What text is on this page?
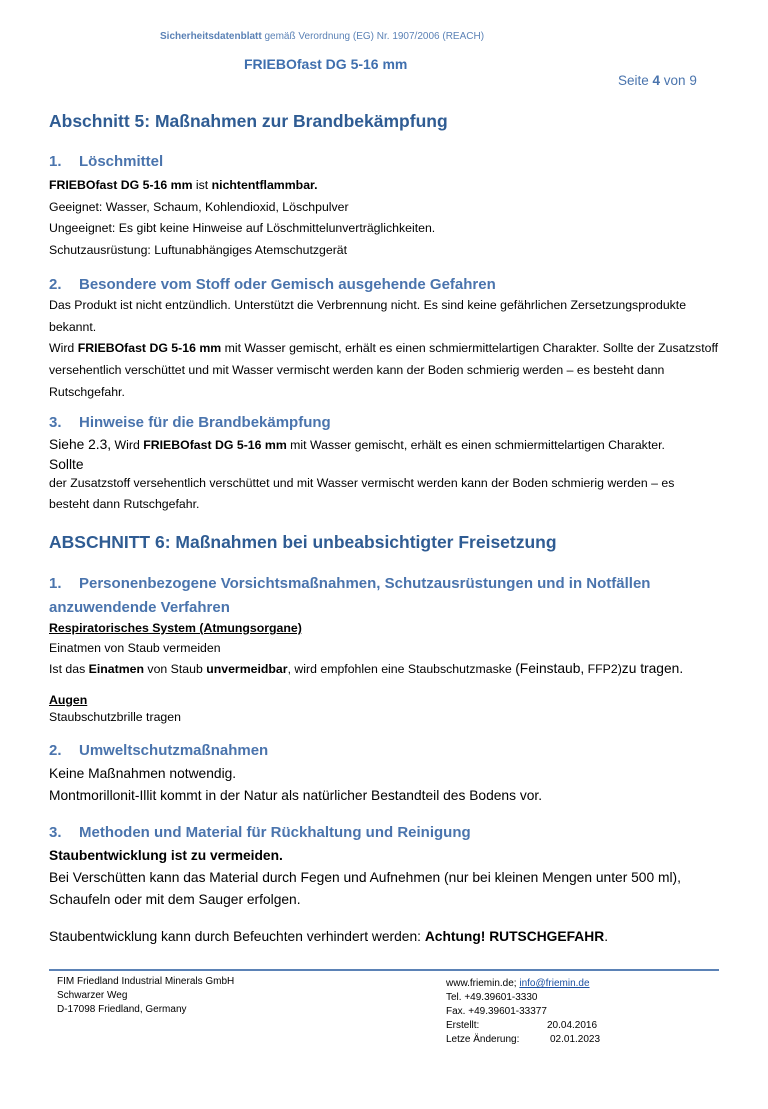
Sicherheitsdatenblatt gemäß Verordnung (EG) Nr. 1907/2006 (REACH)
FRIEBOfast DG 5-16 mm
Seite 4 von 9
Abschnitt 5: Maßnahmen zur Brandbekämpfung
1. Löschmittel

FRIEBOfast DG 5-16 mm ist nichtentflammbar.

Geeignet: Wasser, Schaum, Kohlendioxid, Löschpulver

Ungeeignet: Es gibt keine Hinweise auf Löschmittelunverträglichkeiten.

Schutzausrüstung: Luftunabhängiges Atemschutzgerät

2. Besondere vom Stoff oder Gemisch ausgehende Gefahren

Das Produkt ist nicht entzündlich. Unterstützt die Verbrennung nicht. Es sind keine gefährlichen Zersetzungsprodukte bekannt.

Wird FRIEBOfast DG 5-16 mm mit Wasser gemischt, erhält es einen schmiermittelartigen Charakter. Sollte der Zusatzstoff versehentlich verschüttet und mit Wasser vermischt werden kann der Boden schmierig werden – es besteht dann Rutschgefahr.

3. Hinweise für die Brandbekämpfung

Siehe 2.3, Wird FRIEBOfast DG 5-16 mm mit Wasser gemischt, erhält es einen schmiermittelartigen Charakter.

Sollte

der Zusatzstoff versehentlich verschüttet und mit Wasser vermischt werden kann der Boden schmierig werden – es

besteht dann Rutschgefahr.

ABSCHNITT 6: Maßnahmen bei unbeabsichtigter Freisetzung
1. Personenbezogene Vorsichtsmaßnahmen, Schutzausrüstungen und in Notfällen
anzuwendende Verfahren

Respiratorisches System (Atmungsorgane)

Einatmen von Staub vermeiden

Ist das Einatmen von Staub unvermeidbar, wird empfohlen eine Staubschutzmaske (Feinstaub, FFP2)zu tragen.

Augen

Staubschutzbrille tragen

2. Umweltschutzmaßnahmen

Keine Maßnahmen notwendig.

Montmorillonit-Illit kommt in der Natur als natürlicher Bestandteil des Bodens vor.

3. Methoden und Material für Rückhaltung und Reinigung

Staubentwicklung ist zu vermeiden.

Bei Verschütten kann das Material durch Fegen und Aufnehmen (nur bei kleinen Mengen unter 500 ml),

Schaufeln oder mit dem Sauger erfolgen.

Staubentwicklung kann durch Befeuchten verhindert werden: Achtung! RUTSCHGEFAHR.

FIM Friedland Industrial Minerals GmbH
Schwarzer Weg
D-17098 Friedland, Germany
www.friemin.de; info@friemin.de
Tel. +49.39601-3330
Fax. +49.39601-33377
Erstellt:	20.04.2016
Letze Änderung:	02.01.2023
